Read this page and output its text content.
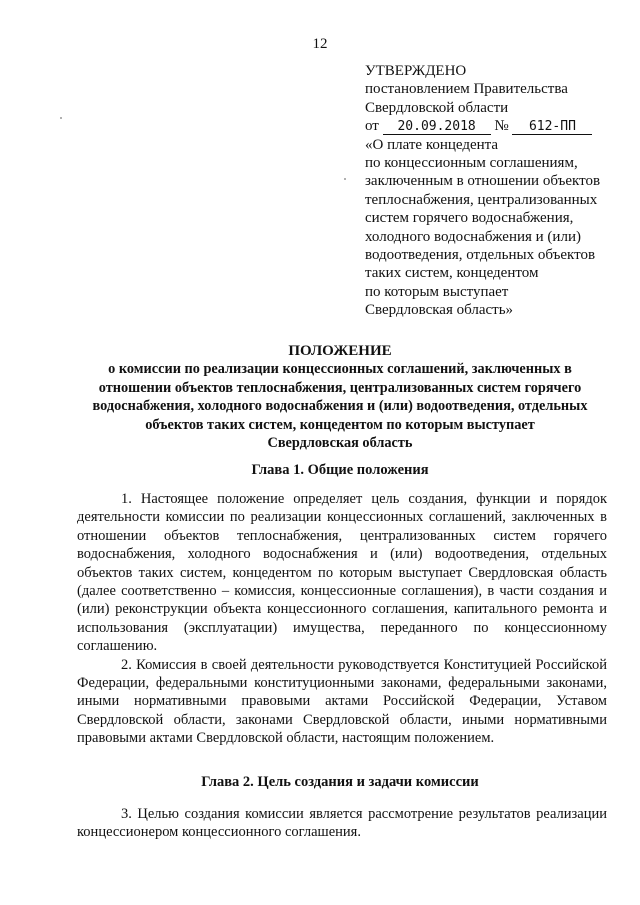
12
УТВЕРЖДЕНО
постановлением Правительства
Свердловской области
от 20.09.2018 № 612-ПП
«О плате концедента
по концессионным соглашениям,
заключенным в отношении объектов
теплоснабжения, централизованных
систем горячего водоснабжения,
холодного водоснабжения и (или)
водоотведения, отдельных объектов
таких систем, концедентом
по которым выступает
Свердловская область»
ПОЛОЖЕНИЕ
о комиссии по реализации концессионных соглашений, заключенных в
отношении объектов теплоснабжения, централизованных систем горячего
водоснабжения, холодного водоснабжения и (или) водоотведения, отдельных
объектов таких систем, концедентом по которым выступает
Свердловская область
Глава 1. Общие положения

1. Настоящее положение определяет цель создания, функции и порядок деятельности комиссии по реализации концессионных соглашений, заключенных в отношении объектов теплоснабжения, централизованных систем горячего водоснабжения, холодного водоснабжения и (или) водоотведения, отдельных объектов таких систем, концедентом по которым выступает Свердловская область (далее соответственно – комиссия, концессионные соглашения), в части создания и (или) реконструкции объекта концессионного соглашения, капитального ремонта и использования (эксплуатации) имущества, переданного по концессионному соглашению.

2. Комиссия в своей деятельности руководствуется Конституцией Российской Федерации, федеральными конституционными законами, федеральными законами, иными нормативными правовыми актами Российской Федерации, Уставом Свердловской области, законами Свердловской области, иными нормативными правовыми актами Свердловской области, настоящим положением.

Глава 2. Цель создания и задачи комиссии

3. Целью создания комиссии является рассмотрение результатов реализации концессионером концессионного соглашения.
